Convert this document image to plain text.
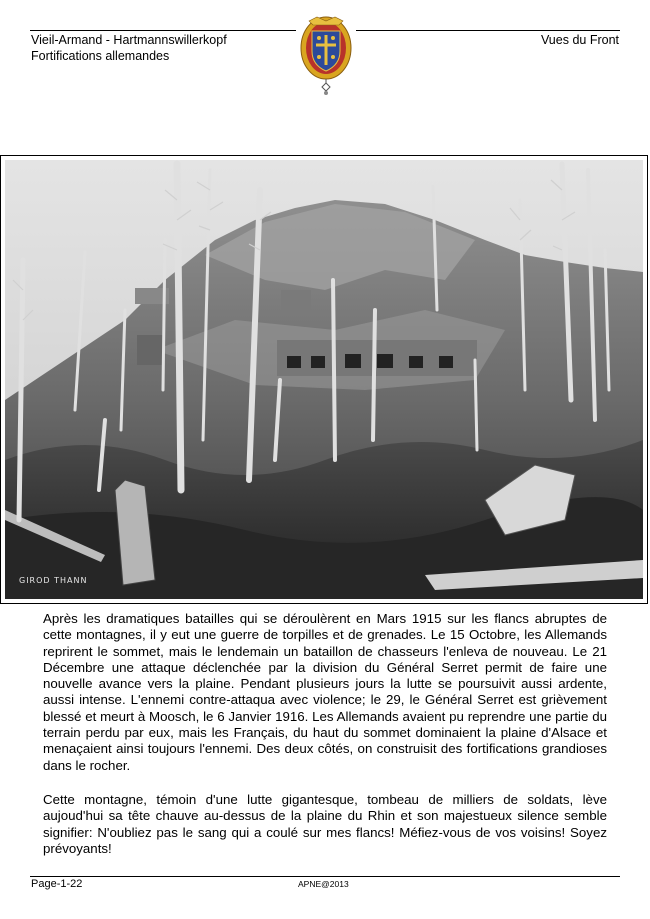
Vieil-Armand - Hartmannswillerkopf
Fortifications allemandes
Vues du Front
GIROD THANN

Après les dramatiques batailles qui se déroulèrent en Mars 1915 sur les flancs abruptes de cette montagnes, il y eut une guerre de torpilles et de grenades. Le 15 Octobre, les Allemands reprirent le sommet, mais le lendemain un bataillon de chasseurs l'enleva de nouveau. Le 21 Décembre une attaque déclenchée par la division du Général Serret permit de faire une nouvelle avance vers la plaine. Pendant plusieurs jours la lutte se poursuivit aussi ardente, aussi intense. L'ennemi contre-attaqua avec violence; le 29, le Général Serret est grièvement blessé et meurt à Moosch, le 6 Janvier 1916. Les Allemands avaient pu reprendre une partie du terrain perdu par eux, mais les Français, du haut du sommet dominaient la plaine d'Alsace et menaçaient ainsi toujours l'ennemi. Des deux côtés, on construisit des fortifications grandioses dans le rocher.

Cette montagne, témoin d'une lutte gigantesque, tombeau de milliers de soldats, lève aujoud'hui sa tête chauve au-dessus de la plaine du Rhin et son majestueux silence semble signifier: N'oubliez pas le sang qui a coulé sur mes flancs! Méfiez-vous de vos voisins! Soyez prévoyants!

Page-1-22	APNE@2013
